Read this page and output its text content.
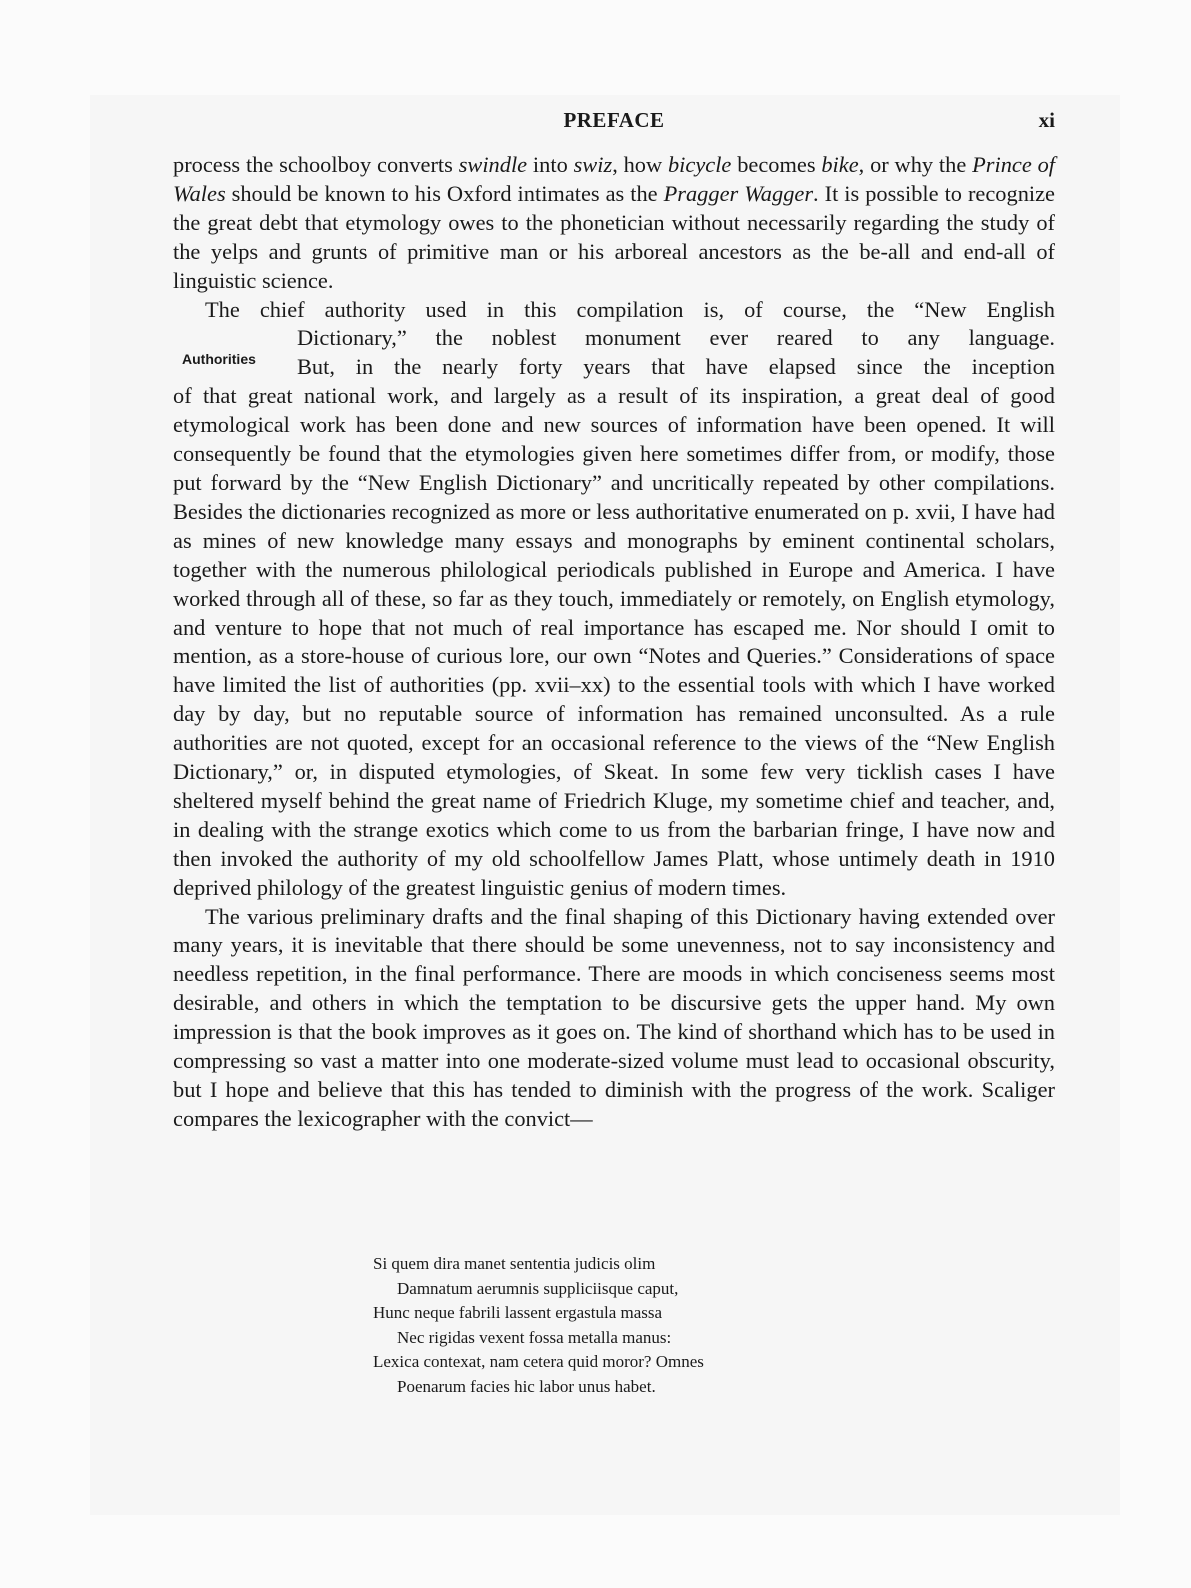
PREFACE	xi

process the schoolboy converts swindle into swiz, how bicycle becomes bike, or why the Prince of Wales should be known to his Oxford intimates as the Pragger Wagger. It is possible to recognize the great debt that etymology owes to the phonetician without necessarily regarding the study of the yelps and grunts of primitive man or his arboreal ancestors as the be-all and end-all of linguistic science.

The chief authority used in this compilation is, of course, the “New English

Authorities
Dictionary,” the noblest monument ever reared to any language.
But, in the nearly forty years that have elapsed since the inception

of that great national work, and largely as a result of its inspiration, a great deal of good etymological work has been done and new sources of information have been opened. It will consequently be found that the etymologies given here sometimes differ from, or modify, those put forward by the “New English Dictionary” and uncritically repeated by other compilations. Besides the dictionaries recognized as more or less authoritative enumerated on p. xvii, I have had as mines of new knowledge many essays and monographs by eminent continental scholars, together with the numerous philological periodicals published in Europe and America. I have worked through all of these, so far as they touch, immediately or remotely, on English etymology, and venture to hope that not much of real importance has escaped me. Nor should I omit to mention, as a store-house of curious lore, our own “Notes and Queries.” Considerations of space have limited the list of authorities (pp. xvii–xx) to the essential tools with which I have worked day by day, but no reputable source of information has remained unconsulted. As a rule authorities are not quoted, except for an occasional reference to the views of the “New English Dictionary,” or, in disputed etymologies, of Skeat. In some few very ticklish cases I have sheltered myself behind the great name of Friedrich Kluge, my sometime chief and teacher, and, in dealing with the strange exotics which come to us from the barbarian fringe, I have now and then invoked the authority of my old schoolfellow James Platt, whose untimely death in 1910 deprived philology of the greatest linguistic genius of modern times.

The various preliminary drafts and the final shaping of this Dictionary having extended over many years, it is inevitable that there should be some unevenness, not to say inconsistency and needless repetition, in the final performance. There are moods in which conciseness seems most desirable, and others in which the temptation to be discursive gets the upper hand. My own impression is that the book improves as it goes on. The kind of shorthand which has to be used in compressing so vast a matter into one moderate-sized volume must lead to occasional obscurity, but I hope and believe that this has tended to diminish with the progress of the work. Scaliger compares the lexicographer with the convict—

Si quem dira manet sententia judicis olim
Damnatum aerumnis suppliciisque caput,
Hunc neque fabrili lassent ergastula massa
Nec rigidas vexent fossa metalla manus:
Lexica contexat, nam cetera quid moror? Omnes
Poenarum facies hic labor unus habet.
